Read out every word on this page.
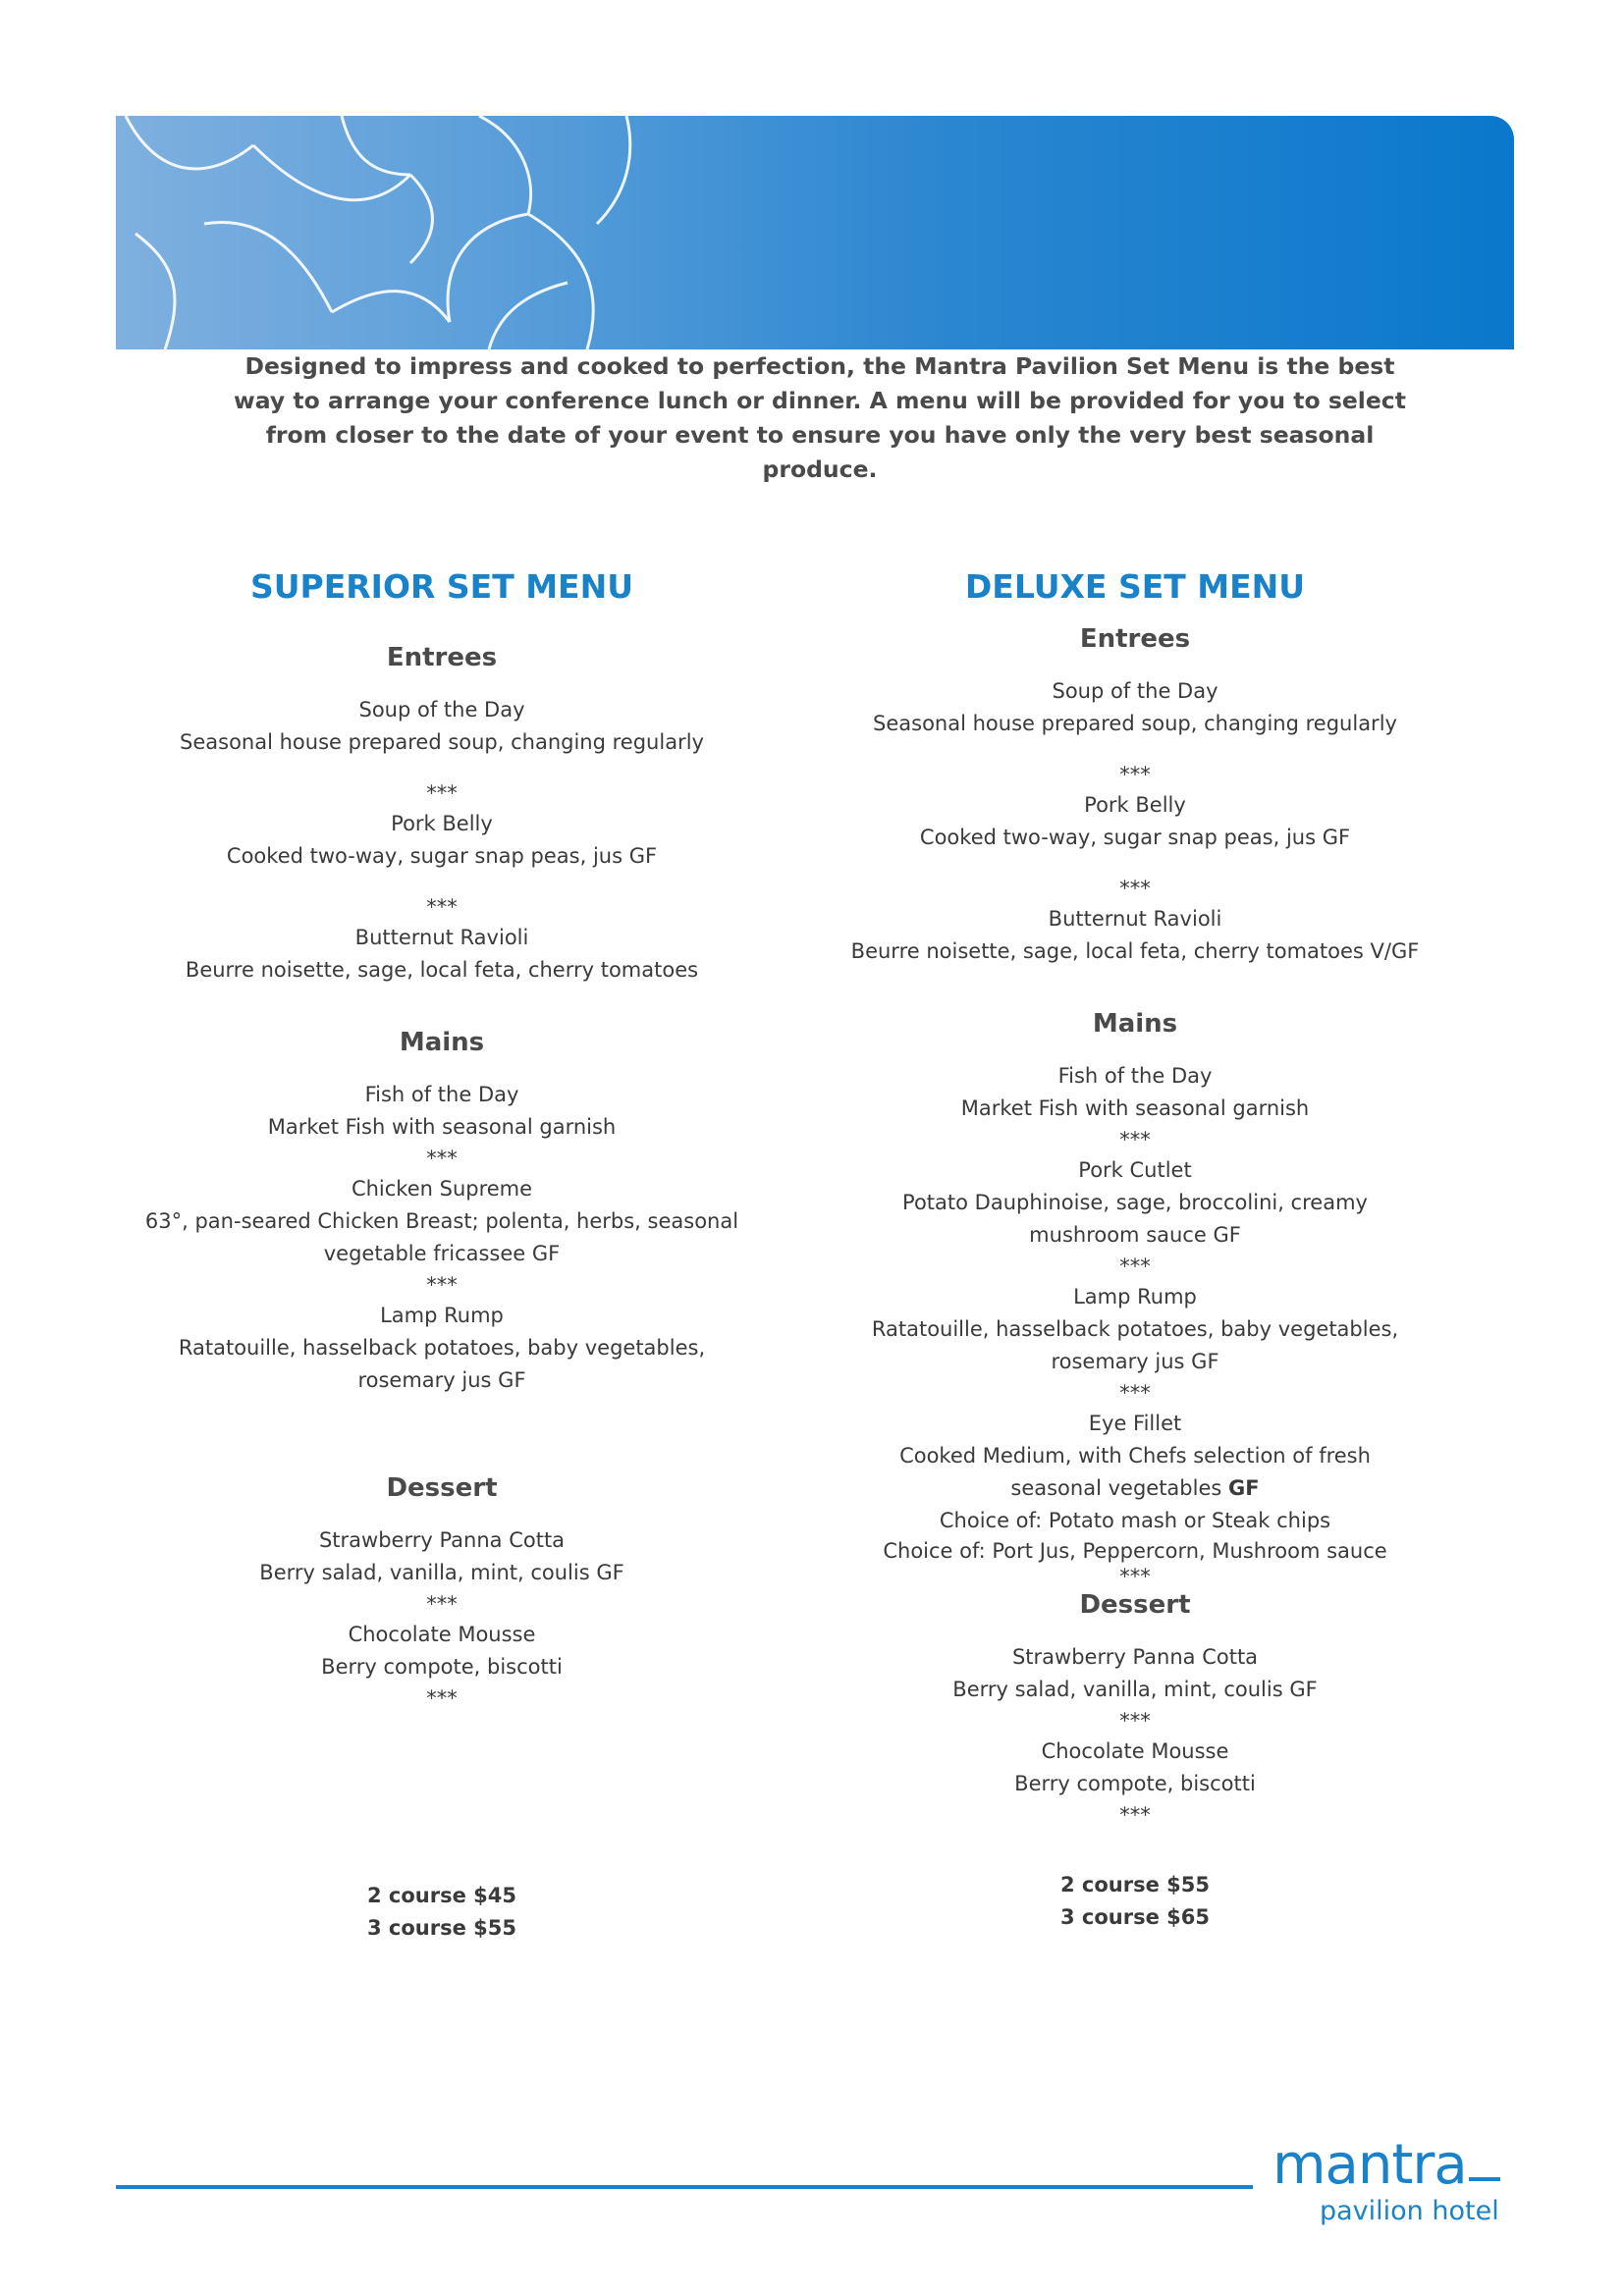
Designed to impress and cooked to perfection, the Mantra Pavilion Set Menu is the best way to arrange your conference lunch or dinner. A menu will be provided for you to select from closer to the date of your event to ensure you have only the very best seasonal produce.
SUPERIOR SET MENU
Entrees
Soup of the Day
Seasonal house prepared soup, changing regularly
***
Pork Belly
Cooked two-way, sugar snap peas, jus GF
***
Butternut Ravioli
Beurre noisette, sage, local feta, cherry tomatoes
Mains
Fish of the Day
Market Fish with seasonal garnish
***
Chicken Supreme
63°, pan-seared Chicken Breast; polenta, herbs, seasonal
vegetable fricassee GF
***
Lamp Rump
Ratatouille, hasselback potatoes, baby vegetables,
rosemary jus GF
Dessert
Strawberry Panna Cotta
Berry salad, vanilla, mint, coulis GF
***
Chocolate Mousse
Berry compote, biscotti
***
2 course $45
3 course $55
DELUXE SET MENU
Entrees
Soup of the Day
Seasonal house prepared soup, changing regularly
***
Pork Belly
Cooked two-way, sugar snap peas, jus GF
***
Butternut Ravioli
Beurre noisette, sage, local feta, cherry tomatoes V/GF
Mains
Fish of the Day
Market Fish with seasonal garnish
***
Pork Cutlet
Potato Dauphinoise, sage, broccolini, creamy
mushroom sauce GF
***
Lamp Rump
Ratatouille, hasselback potatoes, baby vegetables,
rosemary jus GF
***
Eye Fillet
Cooked Medium, with Chefs selection of fresh
seasonal vegetables GF
Choice of: Potato mash or Steak chips
Choice of: Port Jus, Peppercorn, Mushroom sauce
***
Dessert
Strawberry Panna Cotta
Berry salad, vanilla, mint, coulis GF
***
Chocolate Mousse
Berry compote, biscotti
***
2 course $55
3 course $65
mantra
pavilion hotel
